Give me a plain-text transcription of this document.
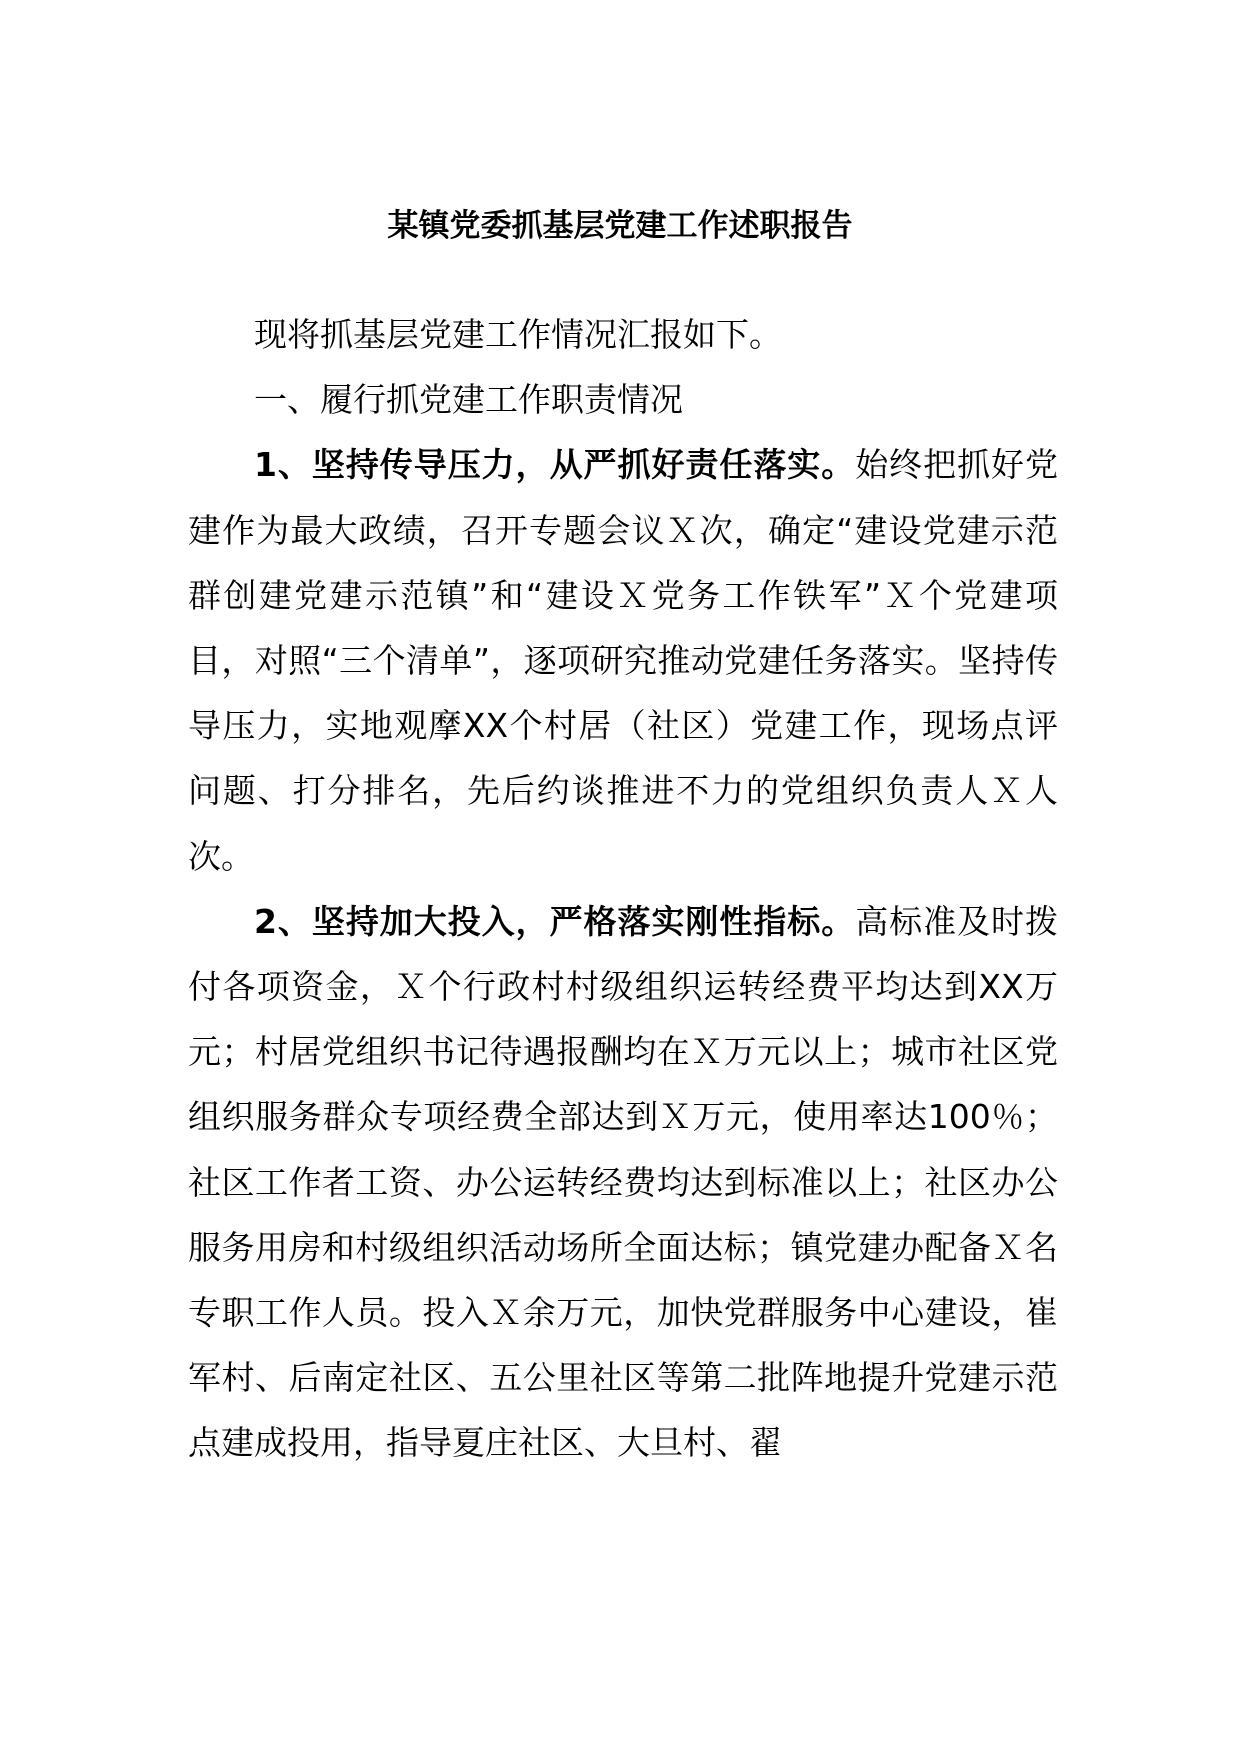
某镇党委抓基层党建工作述职报告

现将抓基层党建工作情况汇报如下。

一、履行抓党建工作职责情况

1、坚持传导压力，从严抓好责任落实。始终把抓好党建作为最大政绩，召开专题会议Ｘ次，确定“建设党建示范群创建党建示范镇”和“建设Ｘ党务工作铁军”Ｘ个党建项目，对照“三个清单”，逐项研究推动党建任务落实。坚持传导压力，实地观摩XX个村居（社区）党建工作，现场点评问题、打分排名，先后约谈推进不力的党组织负责人Ｘ人次。

2、坚持加大投入，严格落实刚性指标。高标准及时拨付各项资金，Ｘ个行政村村级组织运转经费平均达到XX万元；村居党组织书记待遇报酬均在Ｘ万元以上；城市社区党组织服务群众专项经费全部达到Ｘ万元，使用率达100％；社区工作者工资、办公运转经费均达到标准以上；社区办公服务用房和村级组织活动场所全面达标；镇党建办配备Ｘ名专职工作人员。投入Ｘ余万元，加快党群服务中心建设，崔军村、后南定社区、五公里社区等第二批阵地提升党建示范点建成投用，指导夏庄社区、大旦村、翟
